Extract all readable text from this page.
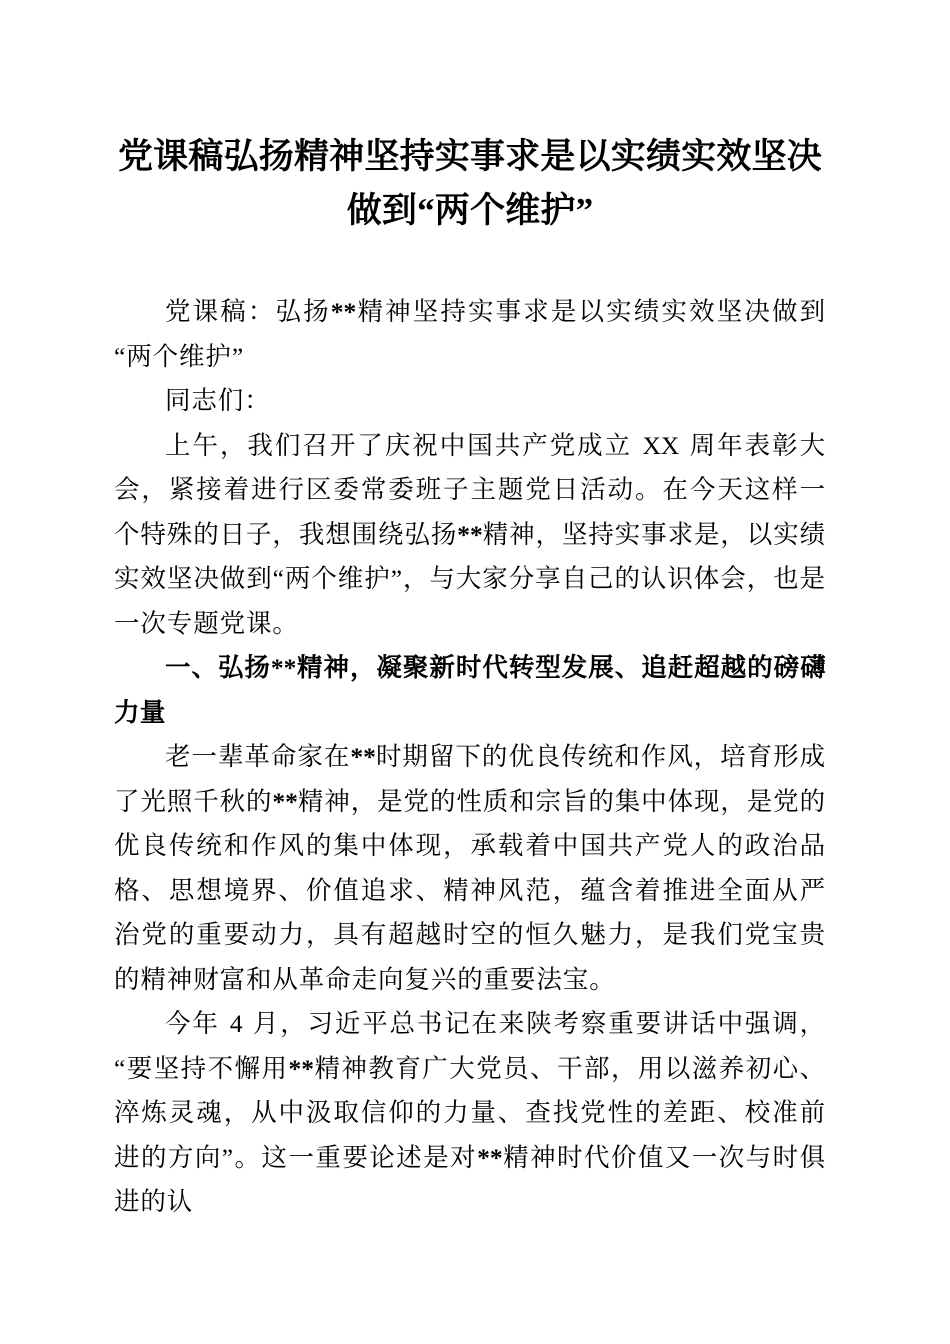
党课稿弘扬精神坚持实事求是以实绩实效坚决
做到“两个维护”

党课稿：弘扬**精神坚持实事求是以实绩实效坚决做到“两个维护”

同志们：

上午，我们召开了庆祝中国共产党成立 XX 周年表彰大会，紧接着进行区委常委班子主题党日活动。在今天这样一个特殊的日子，我想围绕弘扬**精神，坚持实事求是，以实绩实效坚决做到“两个维护”，与大家分享自己的认识体会，也是一次专题党课。

一、弘扬**精神，凝聚新时代转型发展、追赶超越的磅礴力量

老一辈革命家在**时期留下的优良传统和作风，培育形成了光照千秋的**精神，是党的性质和宗旨的集中体现，是党的优良传统和作风的集中体现，承载着中国共产党人的政治品格、思想境界、价值追求、精神风范，蕴含着推进全面从严治党的重要动力，具有超越时空的恒久魅力，是我们党宝贵的精神财富和从革命走向复兴的重要法宝。

今年 4 月，习近平总书记在来陕考察重要讲话中强调，“要坚持不懈用**精神教育广大党员、干部，用以滋养初心、淬炼灵魂，从中汲取信仰的力量、查找党性的差距、校准前进的方向”。这一重要论述是对**精神时代价值又一次与时俱进的认
